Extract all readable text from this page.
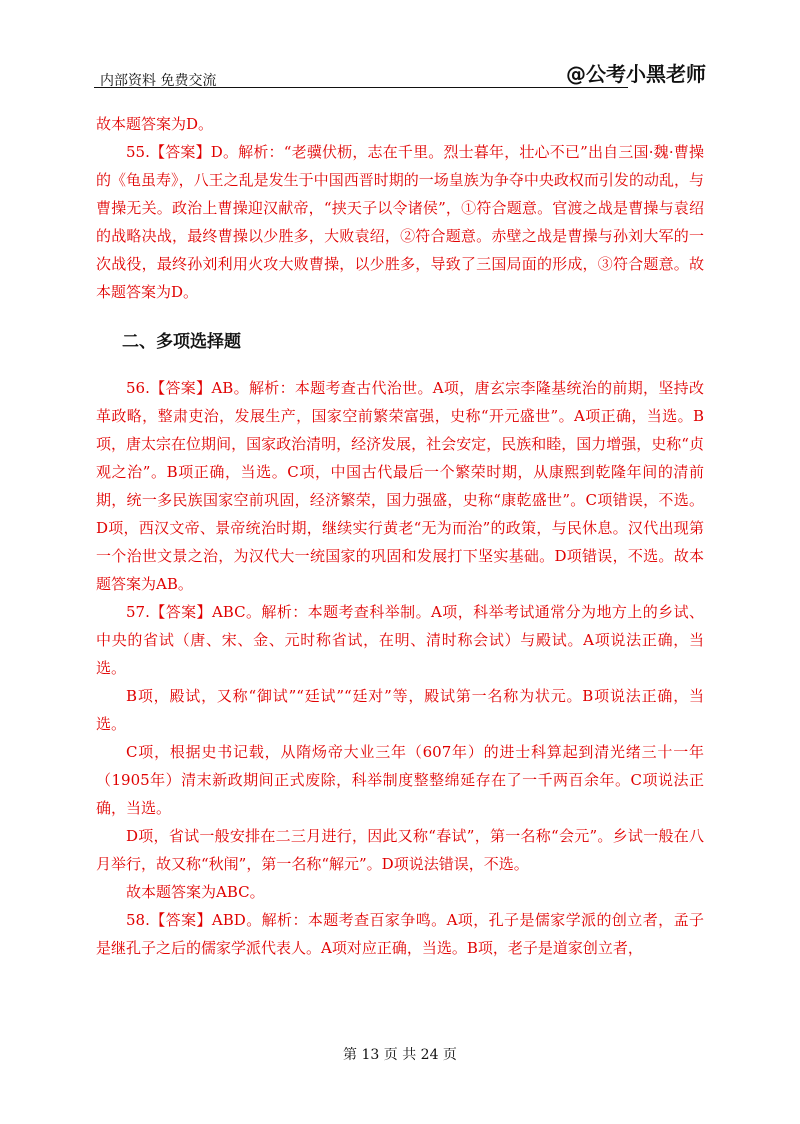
内部资料 免费交流	@公考小黑老师

故本题答案为D。

55.【答案】D。解析：“老骥伏枥，志在千里。烈士暮年，壮心不已”出自三国·魏·曹操的《龟虽寿》，八王之乱是发生于中国西晋时期的一场皇族为争夺中央政权而引发的动乱，与曹操无关。政治上曹操迎汉献帝，“挟天子以令诸侯”，①符合题意。官渡之战是曹操与袁绍的战略决战，最终曹操以少胜多，大败袁绍，②符合题意。赤壁之战是曹操与孙刘大军的一次战役，最终孙刘利用火攻大败曹操，以少胜多，导致了三国局面的形成，③符合题意。故本题答案为D。

二、多项选择题

56.【答案】AB。解析：本题考查古代治世。A项，唐玄宗李隆基统治的前期，坚持改革政略，整肃吏治，发展生产，国家空前繁荣富强，史称“开元盛世”。A项正确，当选。B项，唐太宗在位期间，国家政治清明，经济发展，社会安定，民族和睦，国力增强，史称“贞观之治”。B项正确，当选。C项，中国古代最后一个繁荣时期，从康熙到乾隆年间的清前期，统一多民族国家空前巩固，经济繁荣，国力强盛，史称“康乾盛世”。C项错误，不选。D项，西汉文帝、景帝统治时期，继续实行黄老“无为而治”的政策，与民休息。汉代出现第一个治世文景之治，为汉代大一统国家的巩固和发展打下坚实基础。D项错误，不选。故本题答案为AB。

57.【答案】ABC。解析：本题考查科举制。A项，科举考试通常分为地方上的乡试、中央的省试（唐、宋、金、元时称省试，在明、清时称会试）与殿试。A项说法正确，当选。

B项，殿试，又称“御试”“廷试”“廷对”等，殿试第一名称为状元。B项说法正确，当选。

C项，根据史书记载，从隋炀帝大业三年（607年）的进士科算起到清光绪三十一年（1905年）清末新政期间正式废除，科举制度整整绵延存在了一千两百余年。C项说法正确，当选。

D项，省试一般安排在二三月进行，因此又称“春试”，第一名称“会元”。乡试一般在八月举行，故又称“秋闱”，第一名称“解元”。D项说法错误，不选。

故本题答案为ABC。

58.【答案】ABD。解析：本题考查百家争鸣。A项，孔子是儒家学派的创立者，孟子是继孔子之后的儒家学派代表人。A项对应正确，当选。B项，老子是道家创立者，

第 13 页 共 24 页
